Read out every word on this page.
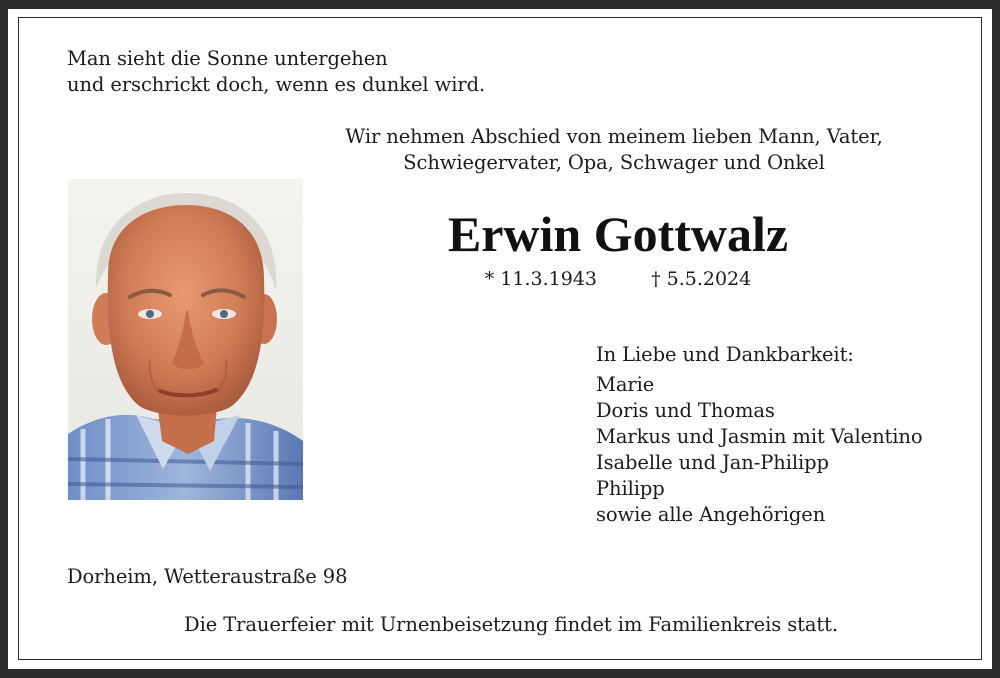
Man sieht die Sonne untergehen
und erschrickt doch, wenn es dunkel wird.
Wir nehmen Abschied von meinem lieben Mann, Vater,
Schwiegervater, Opa, Schwager und Onkel
Erwin Gottwalz
* 11.3.1943	† 5.5.2024
In Liebe und Dankbarkeit:
Marie
Doris und Thomas
Markus und Jasmin mit Valentino
Isabelle und Jan-Philipp
Philipp
sowie alle Angehörigen
Dorheim, Wetteraustraße 98
Die Trauerfeier mit Urnenbeisetzung findet im Familienkreis statt.
